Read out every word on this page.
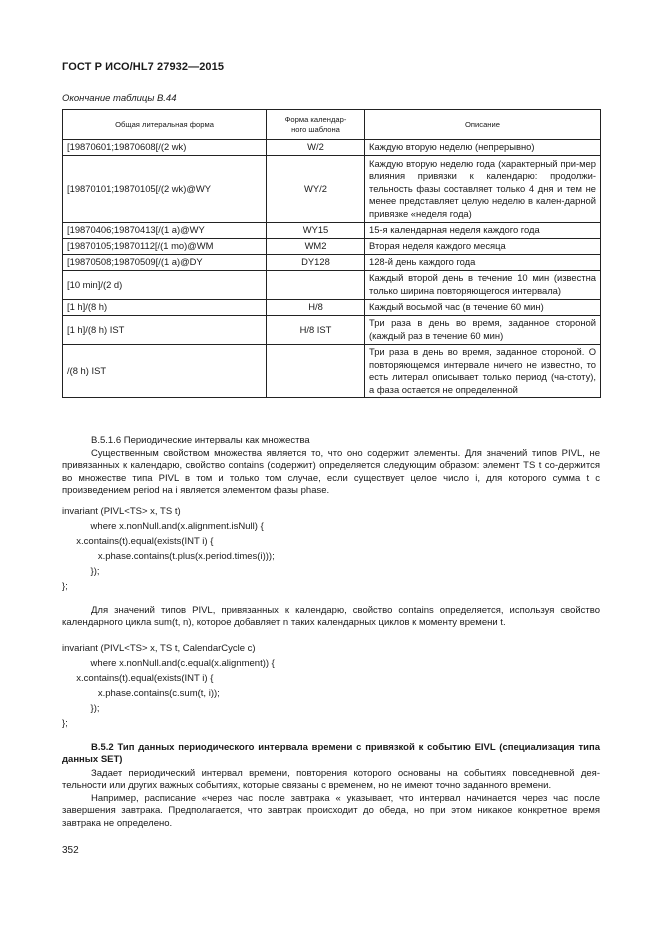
ГОСТ Р ИСО/HL7 27932—2015
Окончание таблицы В.44
Общая литеральная форма	Форма календар-ного шаблона	Описание
[19870601;19870608[/(2 wk)	W/2	Каждую вторую неделю (непрерывно)
[19870101;19870105[/(2 wk)@WY	WY/2	Каждую вторую неделю года (характерный при-мер влияния привязки к календарю: продолжи-тельность фазы составляет только 4 дня и тем не менее представляет целую неделю в кален-дарной привязке «неделя года)
[19870406;19870413[/(1 a)@WY	WY15	15-я календарная неделя каждого года
[19870105;19870112[/(1 mo)@WM	WM2	Вторая неделя каждого месяца
[19870508;19870509[/(1 a)@DY	DY128	128-й день каждого года
[10 min]/(2 d)		Каждый второй день в течение 10 мин (известна только ширина повторяющегося интервала)
[1 h]/(8 h)	H/8	Каждый восьмой час (в течение 60 мин)
[1 h]/(8 h) IST	H/8 IST	Три раза в день во время, заданное стороной (каждый раз в течение 60 мин)
/(8 h) IST		Три раза в день во время, заданное стороной. О повторяющемся интервале ничего не известно, то есть литерал описывает только период (ча-стоту), а фаза остается не определенной
В.5.1.6 Периодические интервалы как множества
Существенным свойством множества является то, что оно содержит элементы. Для значений типов PIVL, не привязанных к календарю, свойство contains (содержит) определяется следующим образом: элемент TS t со-держится во множестве типа PIVL в том и только том случае, если существует целое число i, для которого сумма t с произведением period на i является элементом фазы phase.
invariant (PIVL<TS> x, TS t)
where x.nonNull.and(x.alignment.isNull) {
x.contains(t).equal(exists(INT i) {
x.phase.contains(t.plus(x.period.times(i)));
});
};
Для значений типов PIVL, привязанных к календарю, свойство contains определяется, используя свойство календарного цикла sum(t, n), которое добавляет n таких календарных циклов к моменту времени t.
invariant (PIVL<TS> x, TS t, CalendarCycle c)
where x.nonNull.and(c.equal(x.alignment)) {
x.contains(t).equal(exists(INT i) {
x.phase.contains(c.sum(t, i));
});
};
В.5.2 Тип данных периодического интервала времени с привязкой к событию EIVL (специализация типа данных SET)
Задает периодический интервал времени, повторения которого основаны на событиях повседневной дея-тельности или других важных событиях, которые связаны с временем, но не имеют точно заданного времени.
Например, расписание «через час после завтрака « указывает, что интервал начинается через час после завершения завтрака. Предполагается, что завтрак происходит до обеда, но при этом никакое конкретное время завтрака не определено.
352
